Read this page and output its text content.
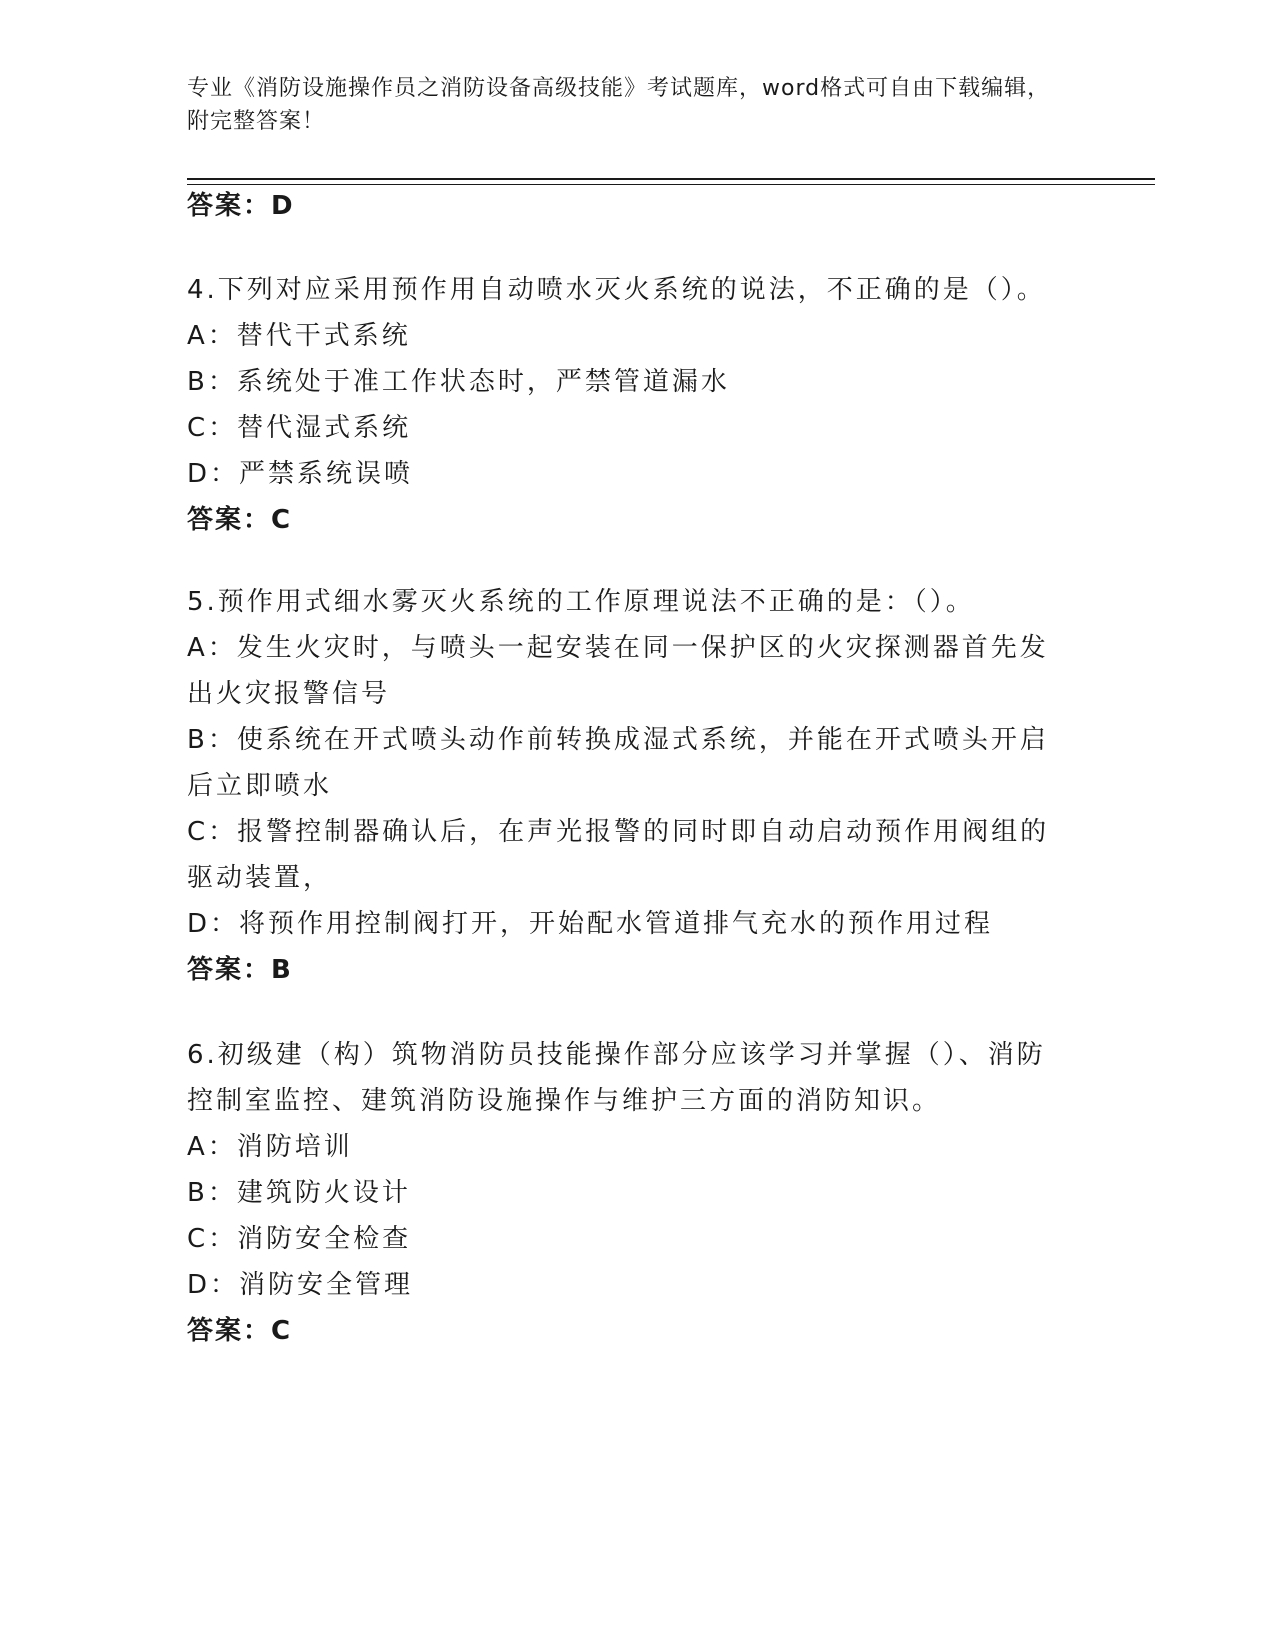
专业《消防设施操作员之消防设备高级技能》考试题库，word格式可自由下载编辑，附完整答案！
答案：D

4.下列对应采用预作用自动喷水灭火系统的说法，不正确的是（）。

A：替代干式系统

B：系统处于准工作状态时，严禁管道漏水

C：替代湿式系统

D：严禁系统误喷

答案：C

5.预作用式细水雾灭火系统的工作原理说法不正确的是：（）。

A：发生火灾时，与喷头一起安装在同一保护区的火灾探测器首先发出火灾报警信号

B：使系统在开式喷头动作前转换成湿式系统，并能在开式喷头开启后立即喷水

C：报警控制器确认后，在声光报警的同时即自动启动预作用阀组的驱动装置，

D：将预作用控制阀打开，开始配水管道排气充水的预作用过程

答案：B

6.初级建（构）筑物消防员技能操作部分应该学习并掌握（）、消防控制室监控、建筑消防设施操作与维护三方面的消防知识。

A：消防培训

B：建筑防火设计

C：消防安全检查

D：消防安全管理

答案：C
